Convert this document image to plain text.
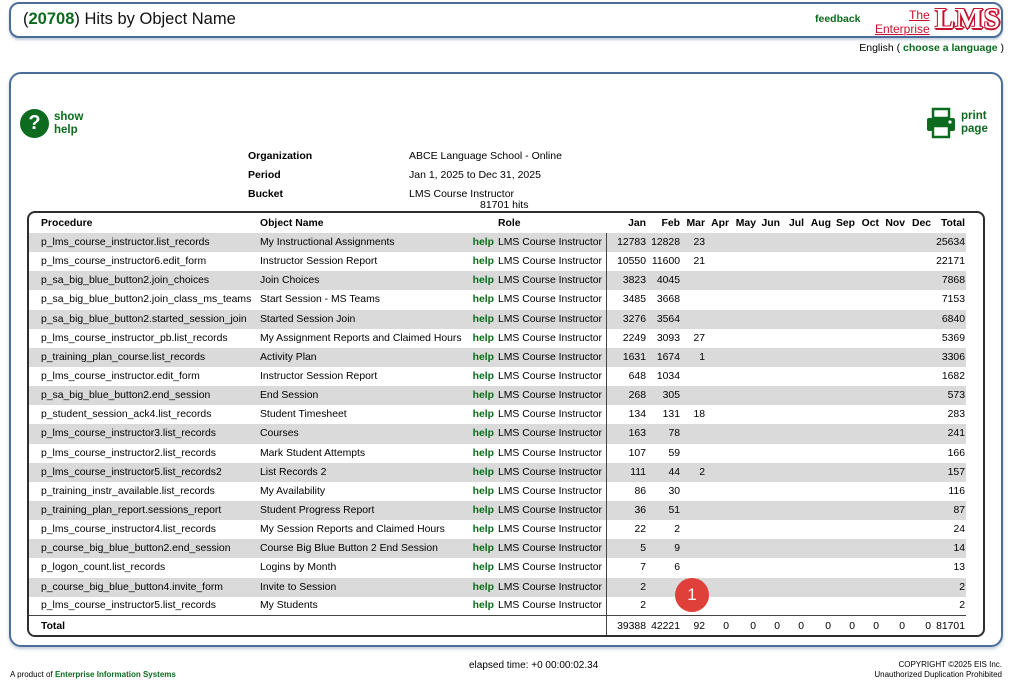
(20708) Hits by Object Name	feedback	The
Enterprise LMS
English ( choose a language )
?	show
help
print
page
Organization	ABCE Language School - Online
Period	Jan 1, 2025 to Dec 31, 2025
Bucket	LMS Course Instructor
81701 hits
Procedure	Object Name		Role	Jan	Feb	Mar	Apr	May	Jun	Jul	Aug	Sep	Oct	Nov	Dec	Total
p_lms_course_instructor.list_records	My Instructional Assignments	help	LMS Course Instructor	12783	12828	23										25634
p_lms_course_instructor6.edit_form	Instructor Session Report	help	LMS Course Instructor	10550	11600	21										22171
p_sa_big_blue_button2.join_choices	Join Choices	help	LMS Course Instructor	3823	4045											7868
p_sa_big_blue_button2.join_class_ms_teams	Start Session - MS Teams	help	LMS Course Instructor	3485	3668											7153
p_sa_big_blue_button2.started_session_join	Started Session Join	help	LMS Course Instructor	3276	3564											6840
p_lms_course_instructor_pb.list_records	My Assignment Reports and Claimed Hours	help	LMS Course Instructor	2249	3093	27										5369
p_training_plan_course.list_records	Activity Plan	help	LMS Course Instructor	1631	1674	1										3306
p_lms_course_instructor.edit_form	Instructor Session Report	help	LMS Course Instructor	648	1034											1682
p_sa_big_blue_button2.end_session	End Session	help	LMS Course Instructor	268	305											573
p_student_session_ack4.list_records	Student Timesheet	help	LMS Course Instructor	134	131	18										283
p_lms_course_instructor3.list_records	Courses	help	LMS Course Instructor	163	78											241
p_lms_course_instructor2.list_records	Mark Student Attempts	help	LMS Course Instructor	107	59											166
p_lms_course_instructor5.list_records2	List Records 2	help	LMS Course Instructor	111	44	2										157
p_training_instr_available.list_records	My Availability	help	LMS Course Instructor	86	30											116
p_training_plan_report.sessions_report	Student Progress Report	help	LMS Course Instructor	36	51											87
p_lms_course_instructor4.list_records	My Session Reports and Claimed Hours	help	LMS Course Instructor	22	2											24
p_course_big_blue_button2.end_session	Course Big Blue Button 2 End Session	help	LMS Course Instructor	5	9											14
p_logon_count.list_records	Logins by Month	help	LMS Course Instructor	7	6											13
p_course_big_blue_button4.invite_form	Invite to Session	help	LMS Course Instructor	2												2
p_lms_course_instructor5.list_records	My Students	help	LMS Course Instructor	2												2
Total				39388	42221	92	0	0	0	0	0	0	0	0	0	81701
1
A product of Enterprise Information Systems
elapsed time: +0 00:00:02.34	COPYRIGHT ©2025 EIS Inc.
Unauthorized Duplication Prohibited
